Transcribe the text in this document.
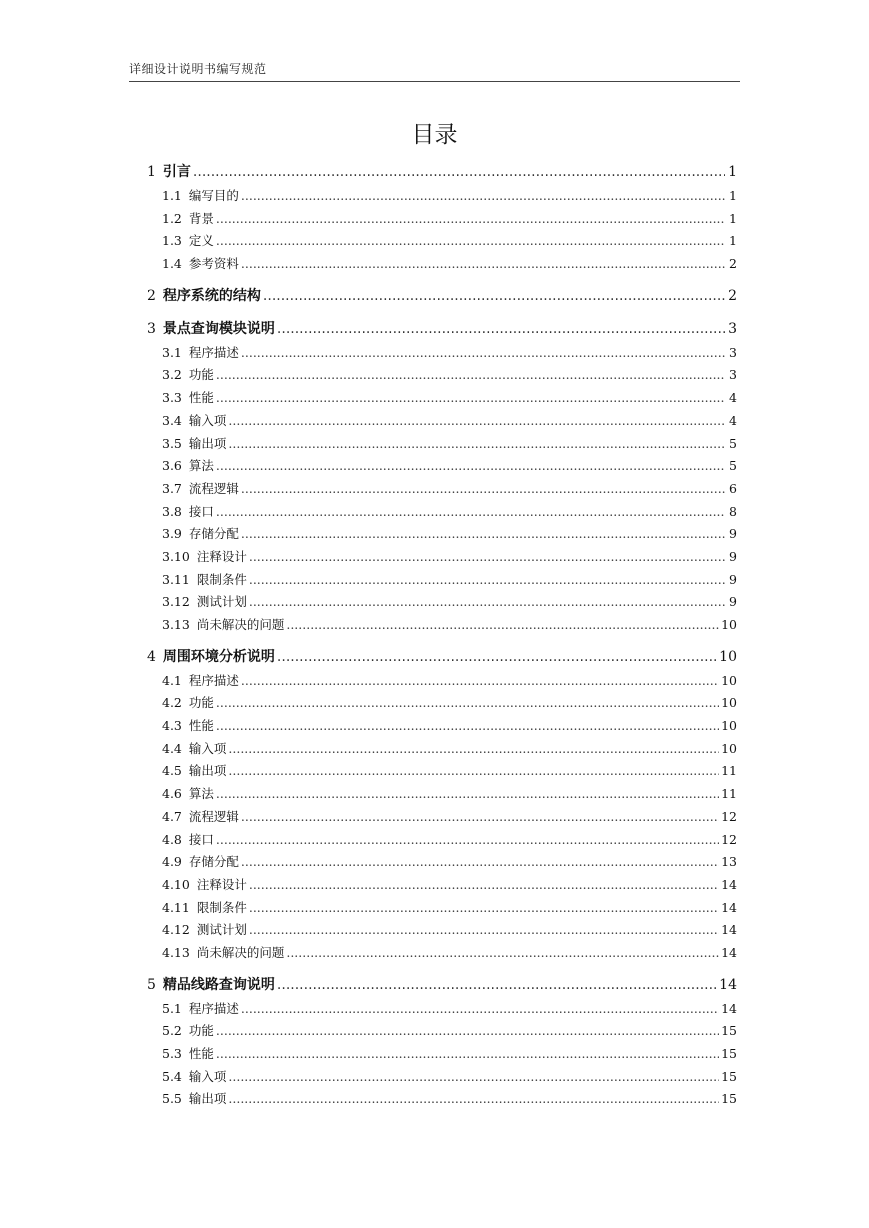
详细设计说明书编写规范
目录
1 引言 .....	1
1.1 编写目的 .....	1
1.2 背景 .....	1
1.3 定义 .....	1
1.4 参考资料 .....	2
2 程序系统的结构 .....	2
3 景点查询模块说明 .....	3
3.1 程序描述 .....	3
3.2 功能 .....	3
3.3 性能 .....	4
3.4 输入项 .....	4
3.5 输出项 .....	5
3.6 算法 .....	5
3.7 流程逻辑 .....	6
3.8 接口 .....	8
3.9 存储分配 .....	9
3.10 注释设计 .....	9
3.11 限制条件 .....	9
3.12 测试计划 .....	9
3.13 尚未解决的问题 .....	10
4 周围环境分析说明 .....	10
4.1 程序描述 .....	10
4.2 功能 .....	10
4.3 性能 .....	10
4.4 输入项 .....	10
4.5 输出项 .....	11
4.6 算法 .....	11
4.7 流程逻辑 .....	12
4.8 接口 .....	12
4.9 存储分配 .....	13
4.10 注释设计 .....	14
4.11 限制条件 .....	14
4.12 测试计划 .....	14
4.13 尚未解决的问题 .....	14
5 精品线路查询说明 .....	14
5.1 程序描述 .....	14
5.2 功能 .....	15
5.3 性能 .....	15
5.4 输入项 .....	15
5.5 输出项 .....	15
